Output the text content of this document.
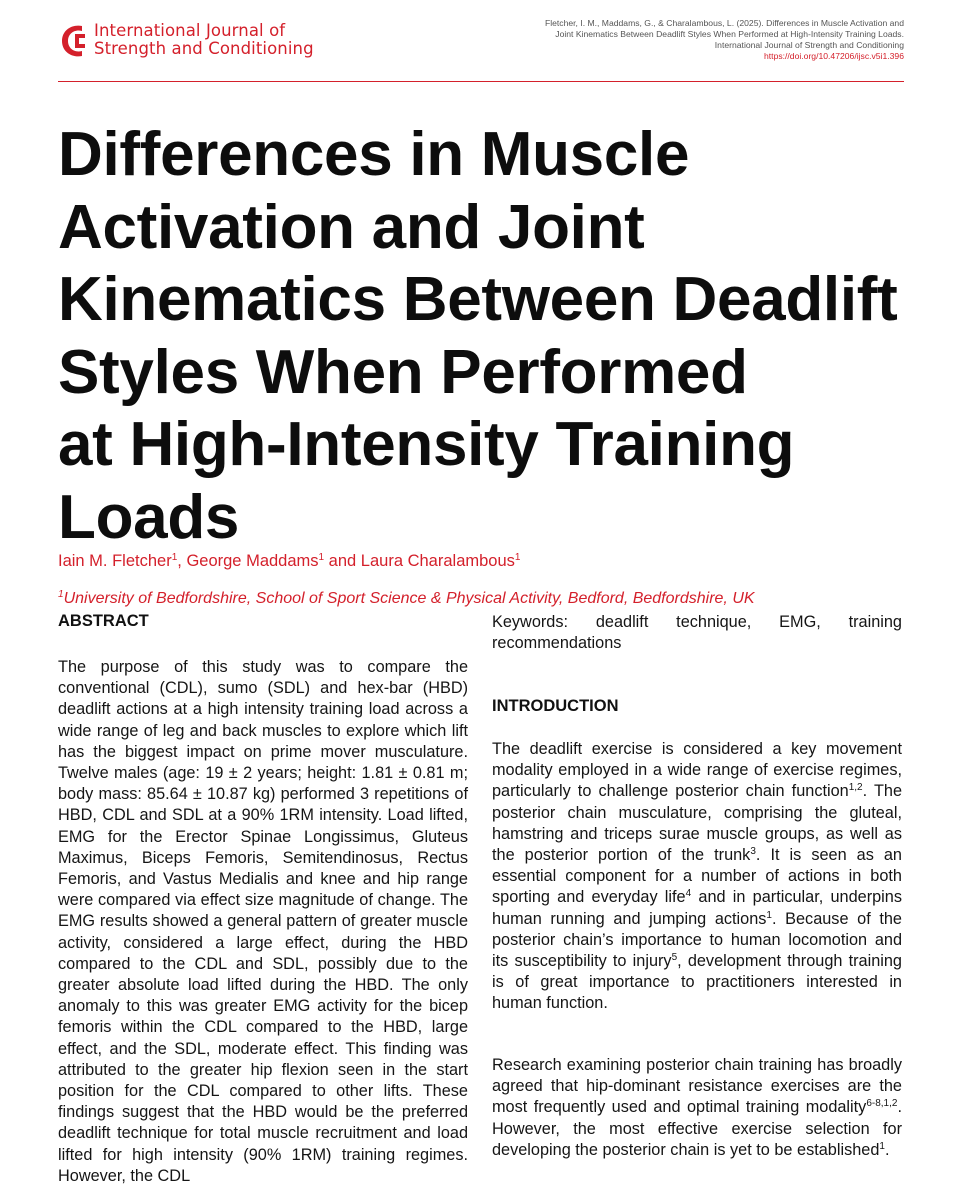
International Journal of
Strength and Conditioning
Fletcher, I. M., Maddams, G., & Charalambous, L. (2025). Differences in Muscle Activation and
Joint Kinematics Between Deadlift Styles When Performed at High-Intensity Training Loads.
International Journal of Strength and Conditioning
https://doi.org/10.47206/ijsc.v5i1.396
Differences in Muscle
Activation and Joint
Kinematics Between Deadlift
Styles When Performed
at High-Intensity Training
Loads
Iain M. Fletcher$^1$, George Maddams$^1$ and Laura Charalambous$^1$
$^1$University of Bedfordshire, School of Sport Science & Physical Activity, Bedford, Bedfordshire, UK
ABSTRACT

The purpose of this study was to compare the conventional (CDL), sumo (SDL) and hex-bar (HBD) deadlift actions at a high intensity training load across a wide range of leg and back muscles to explore which lift has the biggest impact on prime mover musculature. Twelve males (age: 19 ± 2 years; height: 1.81 ± 0.81 m; body mass: 85.64 ± 10.87 kg) performed 3 repetitions of HBD, CDL and SDL at a 90% 1RM intensity. Load lifted, EMG for the Erector Spinae Longissimus, Gluteus Maximus, Biceps Femoris, Semitendinosus, Rectus Femoris, and Vastus Medialis and knee and hip range were compared via effect size magnitude of change. The EMG results showed a general pattern of greater muscle activity, considered a large effect, during the HBD compared to the CDL and SDL, possibly due to the greater absolute load lifted during the HBD. The only anomaly to this was greater EMG activity for the bicep femoris within the CDL compared to the HBD, large effect, and the SDL, moderate effect. This finding was attributed to the greater hip flexion seen in the start position for the CDL compared to other lifts. These findings suggest that the HBD would be the preferred deadlift technique for total muscle recruitment and load lifted for high intensity (90% 1RM) training regimes. However, the CDL

Keywords: deadlift technique, EMG, training recommendations

INTRODUCTION

The deadlift exercise is considered a key movement modality employed in a wide range of exercise regimes, particularly to challenge posterior chain function$^{1,2}$. The posterior chain musculature, comprising the gluteal, hamstring and triceps surae muscle groups, as well as the posterior portion of the trunk$^3$. It is seen as an essential component for a number of actions in both sporting and everyday life$^4$ and in particular, underpins human running and jumping actions$^1$. Because of the posterior chain’s importance to human locomotion and its susceptibility to injury$^5$, development through training is of great importance to practitioners interested in human function.

Research examining posterior chain training has broadly agreed that hip-dominant resistance exercises are the most frequently used and optimal training modality$^{6-8,1,2}$. However, the most effective exercise selection for developing the posterior chain is yet to be established$^1$.
